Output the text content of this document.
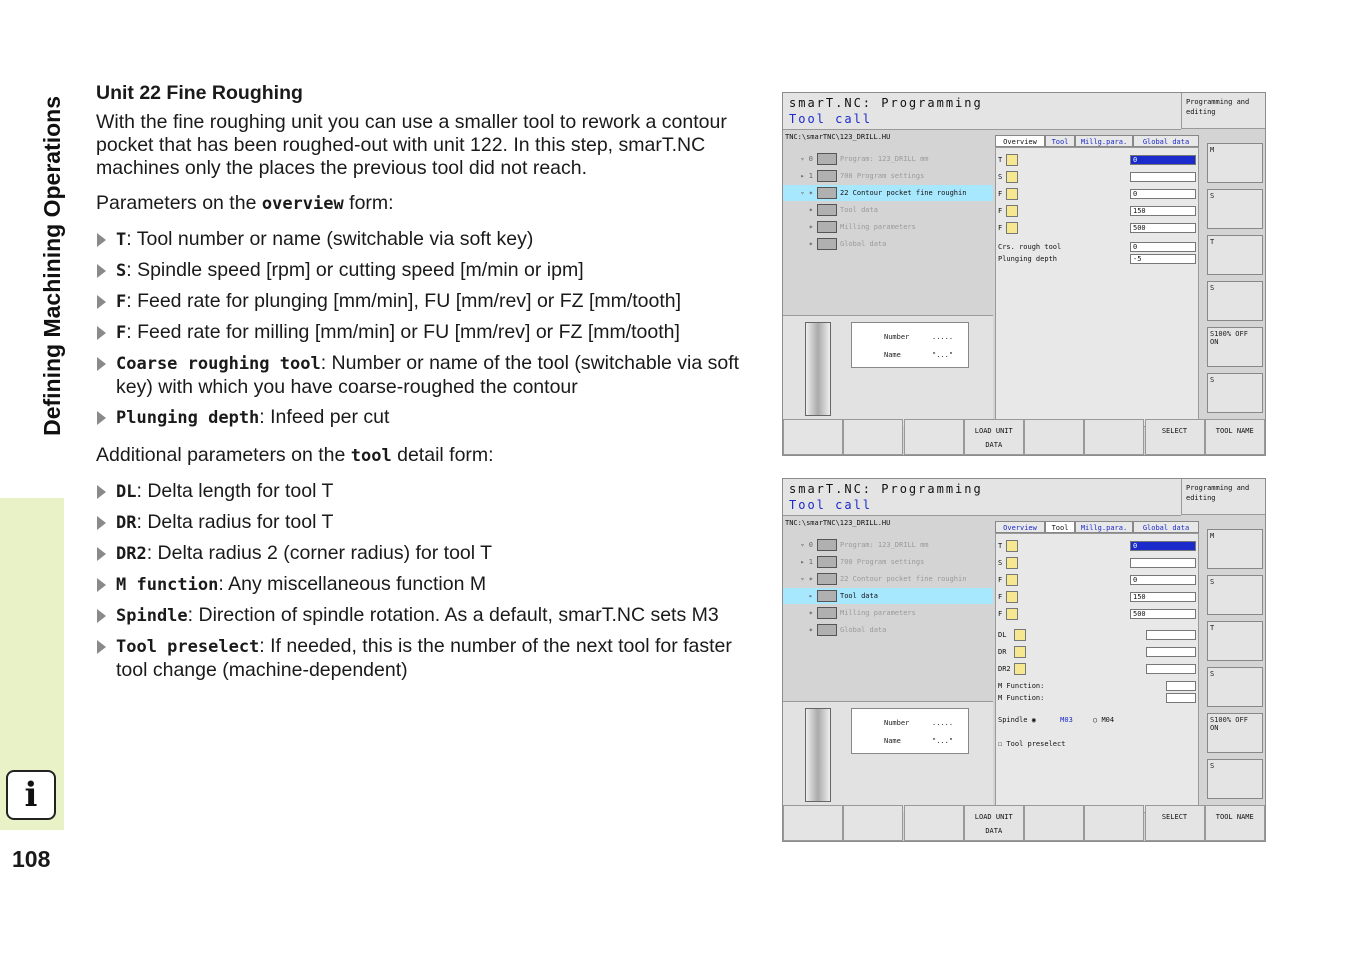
Defining Machining Operations
i
108
Unit 22 Fine Roughing

With the fine roughing unit you can use a smaller tool to rework a contour pocket that has been roughed-out with unit 122. In this step, smarT.NC machines only the places the previous tool did not reach.

Parameters on the overview form:

T: Tool number or name (switchable via soft key)
S: Spindle speed [rpm] or cutting speed [m/min or ipm]
F: Feed rate for plunging [mm/min], FU [mm/rev] or FZ [mm/tooth]
F: Feed rate for milling [mm/min] or FU [mm/rev] or FZ [mm/tooth]
Coarse roughing tool: Number or name of the tool (switchable via soft key) with which you have coarse-roughed the contour
Plunging depth: Infeed per cut

Additional parameters on the tool detail form:

DL: Delta length for tool T
DR: Delta radius for tool T
DR2: Delta radius 2 (corner radius) for tool T
M function: Any miscellaneous function M
Spindle: Direction of spindle rotation. As a default, smarT.NC sets M3
Tool preselect: If needed, this is the number of the next tool for faster tool change (machine-dependent)
smarT.NC: Programming
Tool call
Programming and editing
TNC:\smarTNC\123_DRILL.HU
▿ 0	Program: 123_DRILL mm
▸ 1	700 Program settings
▿ ✶	22 Contour pocket fine roughin
✶	Tool data
✶	Milling parameters
✶	Global data
Overview	Tool	Millg.para.	Global data
T	0
S
F	0
F	150
F	500
Crs. rough tool	0
Plunging depth	-5
Number	.....
Name	"..."
M
S
T
S
S100% OFF ON
S
LOAD UNIT DATA
SELECT	TOOL NAME
smarT.NC: Programming
Tool call
Programming and editing
TNC:\smarTNC\123_DRILL.HU
▿ 0	Program: 123_DRILL mm
▸ 1	700 Program settings
▿ ✶	22 Contour pocket fine roughin
▸	Tool data
✶	Milling parameters
✶	Global data
Overview	Tool	Millg.para.	Global data
T	0
S
F	0
F	150
F	500
DL
DR
DR2
M Function:
M Function:
Spindle ◉	M03 ○ M04
☐ Tool preselect
Number	.....
Name	"..."
M
S
T
S
S100% OFF ON
S
LOAD UNIT DATA
SELECT	TOOL NAME
